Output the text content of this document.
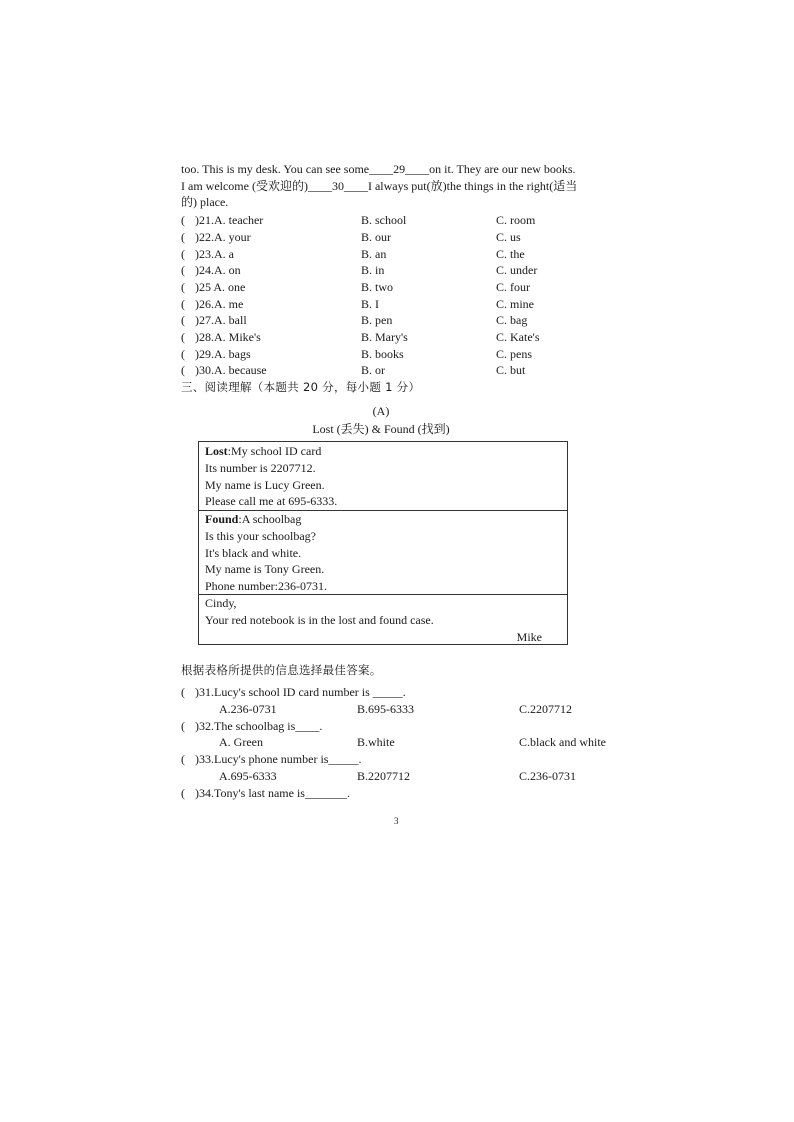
too. This is my desk. You can see some____29____on it. They are our new books.
I am welcome (受欢迎的)____30____I always put(放)the things in the right(适当
的) place.
( )21.A. teacher	B. school	C. room
( )22.A. your	B. our	C. us
( )23.A. a	B. an	C. the
( )24.A. on	B. in	C. under
( )25 A. one	B. two	C. four
( )26.A. me	B. I	C. mine
( )27.A. ball	B. pen	C. bag
( )28.A. Mike's	B. Mary's	C. Kate's
( )29.A. bags	B. books	C. pens
( )30.A. because	B. or	C. but
三、阅读理解（本题共 20 分，每小题 1 分）
(A)
Lost (丢失) & Found (找到)
Lost:My school ID card
Its number is 2207712.
My name is Lucy Green.
Please call me at 695-6333.
Found:A schoolbag
Is this your schoolbag?
It's black and white.
My name is Tony Green.
Phone number:236-0731.
Cindy,
Your red notebook is in the lost and found case.
Mike
根据表格所提供的信息选择最佳答案。
( )31.Lucy's school ID card number is _____.
A.236-0731	B.695-6333	C.2207712
( )32.The schoolbag is____.
A. Green	B.white	C.black and white
( )33.Lucy's phone number is_____.
A.695-6333	B.2207712	C.236-0731
( )34.Tony's last name is_______.
3
